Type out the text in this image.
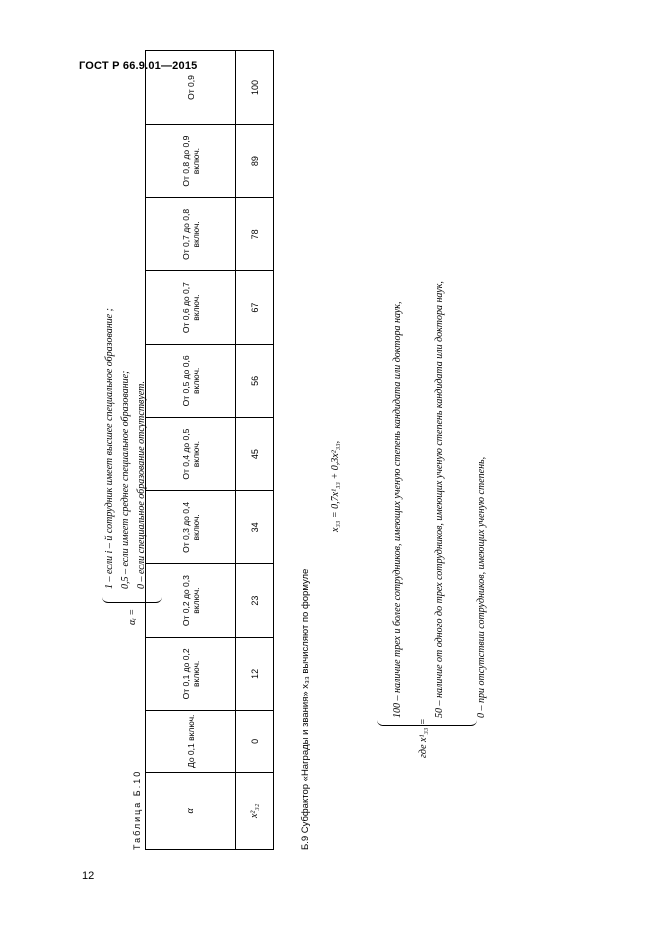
ГОСТ Р 66.9.01—2015
αᵢ =
1 – если i – й сотрудник имеет высшее специальное образование ; 0,5 – если имеет среднее специальное образование; 0 – если специальное образование отсутствует.
Таблица Б.10	α	До 0,1 включ.	От 0,1 до 0,2 включ.	От 0,2 до 0,3 включ.	От 0,3 до 0,4 включ.	От 0,4 до 0,5 включ.	От 0,5 до 0,6 включ.	От 0,6 до 0,7 включ.	От 0,7 до 0,8 включ.	От 0,8 до 0,9 включ.	От 0,9
x²₃₂	0	12	23	34	45	56	67	78	89	100
Б.9 Субфактор «Награды и звания» x₃₃ вычисляют по формуле
x₃₃ = 0,7x¹₃₃ + 0,3x²₃₃,
где x¹₃₃ =
100 – наличие трех и более сотрудников, имеющих ученую степень кандидата или доктора наук,	50 – наличие от одного до трех сотрудников, имеющих ученую степень кандидата или доктора наук,	0 – при отсутствии сотрудников, имеющих ученую степень,
12
